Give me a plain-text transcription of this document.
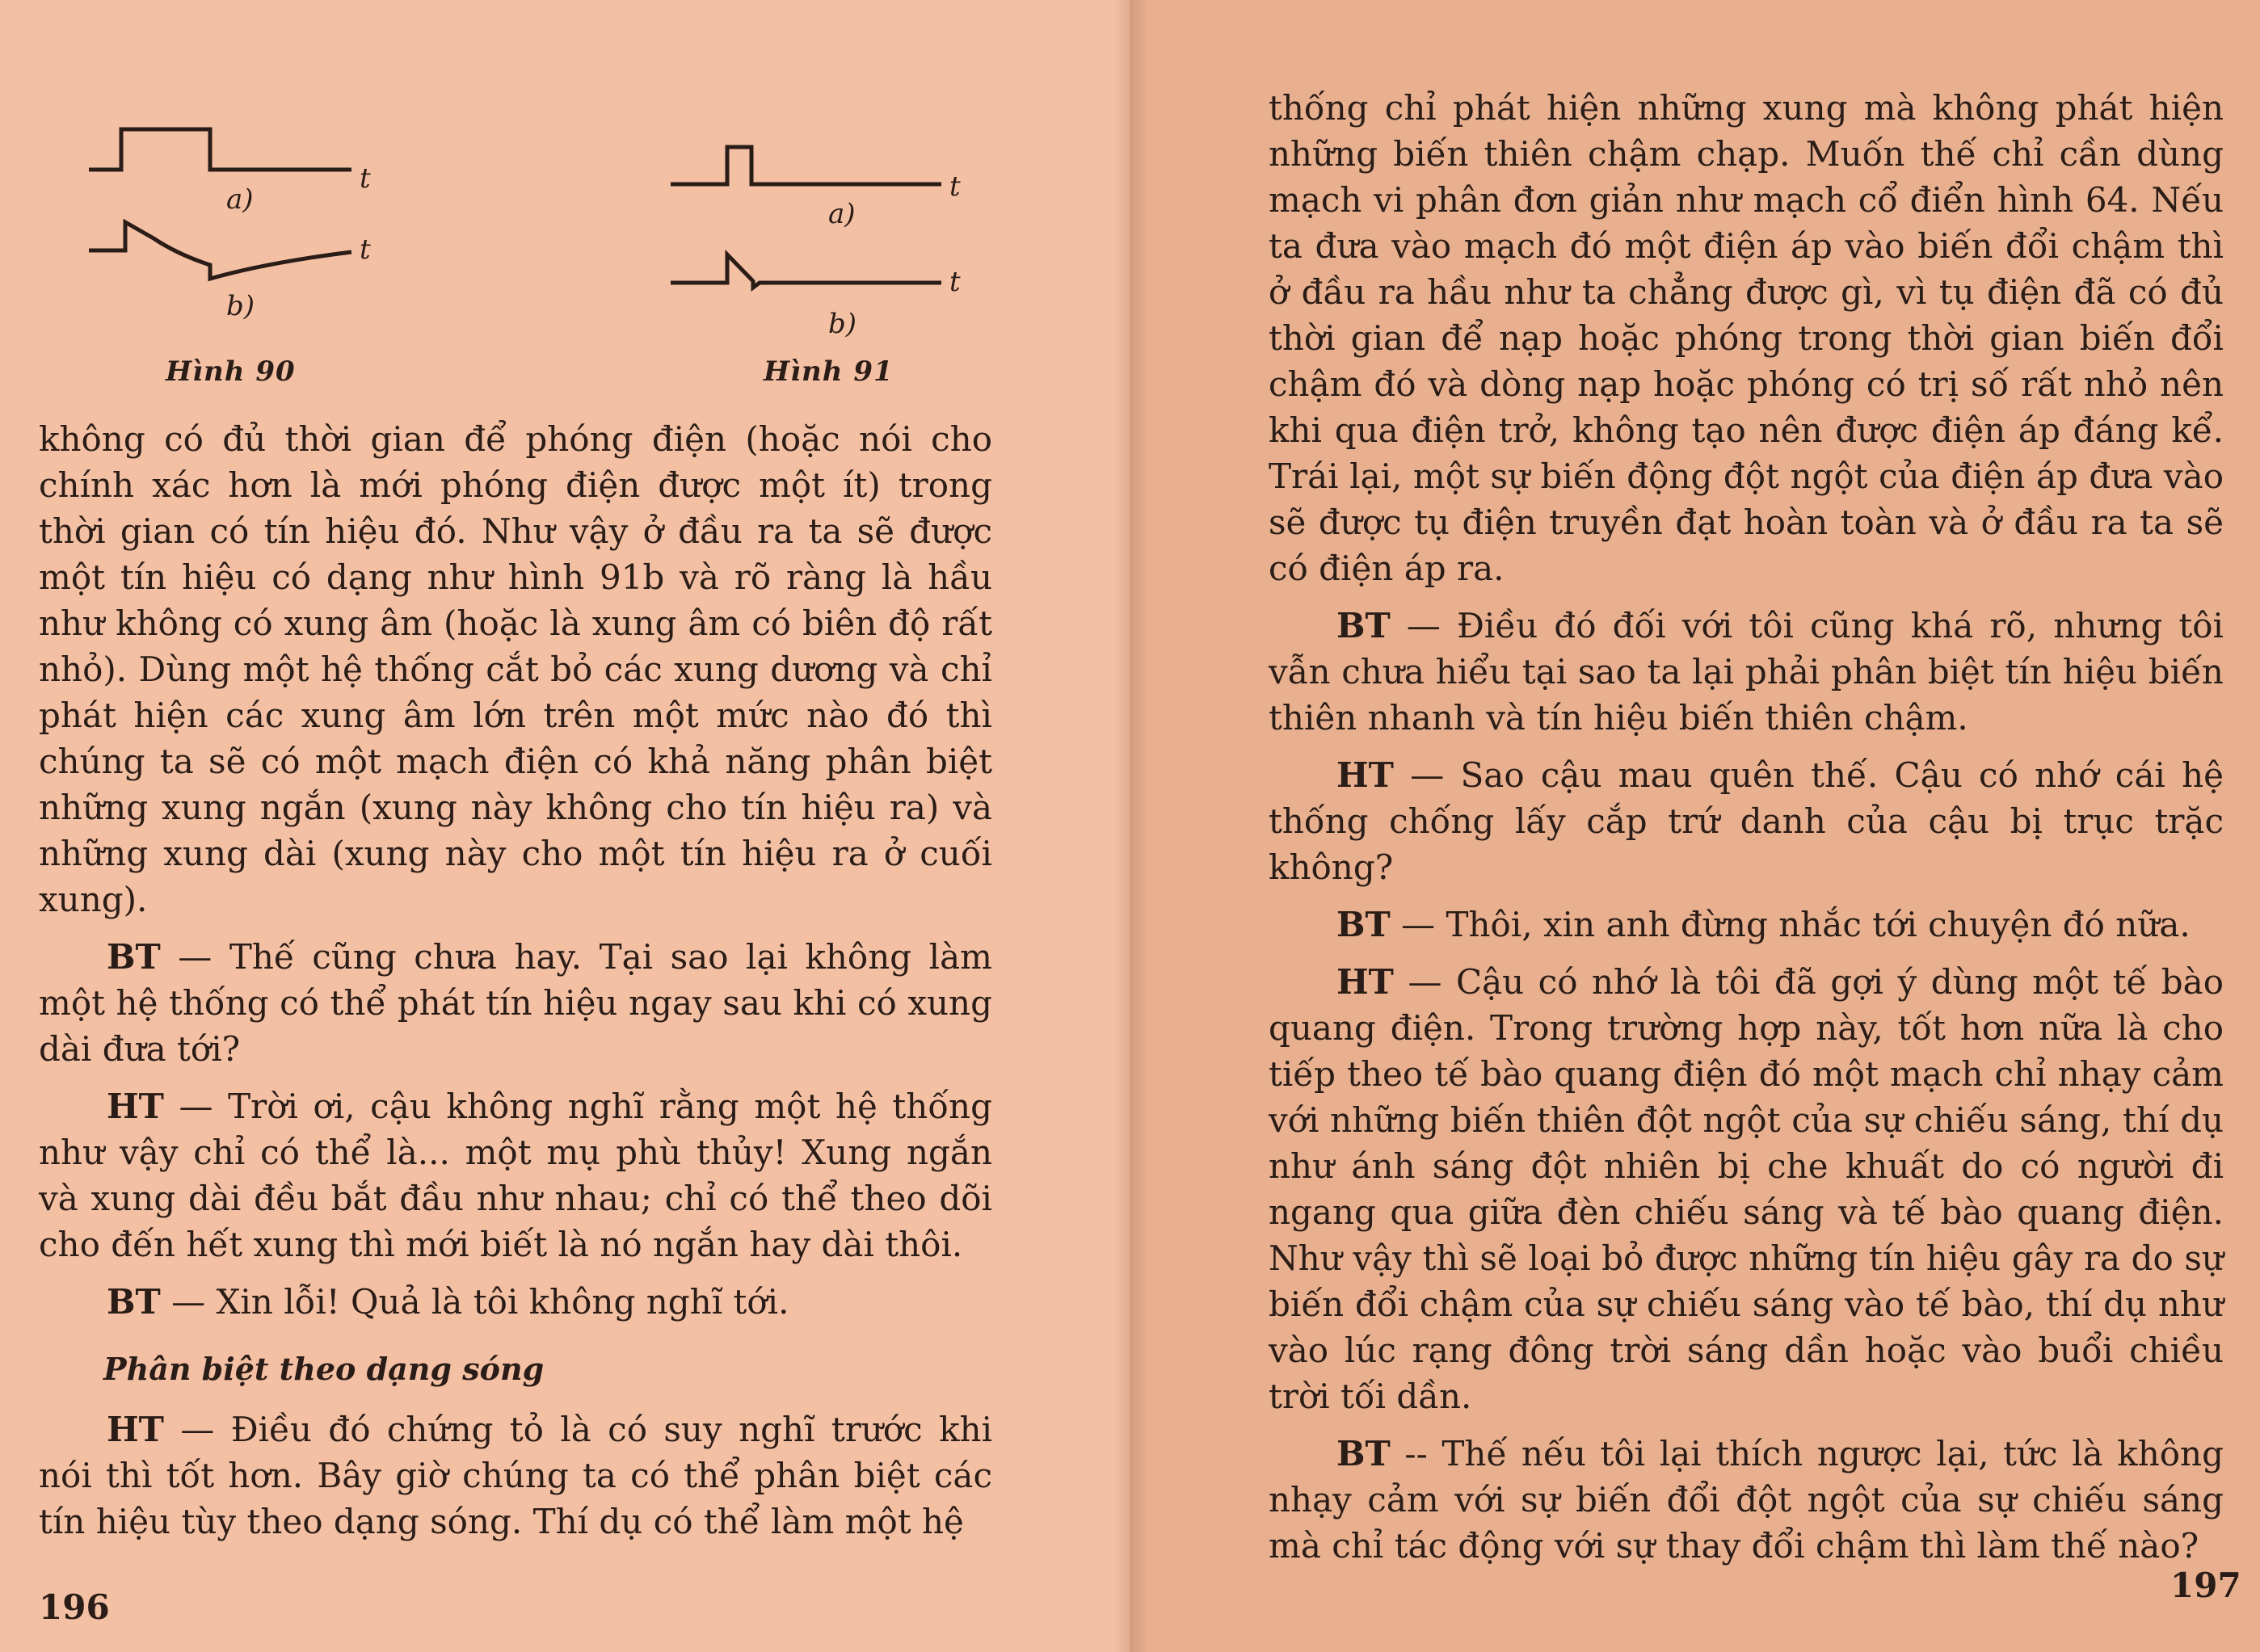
t
a)
t
b)
Hình 90
t
a)
t
b)
Hình 91

không có đủ thời gian để phóng điện (hoặc nói cho chính xác hơn là mới phóng điện được một ít) trong thời gian có tín hiệu đó. Như vậy ở đầu ra ta sẽ được một tín hiệu có dạng như hình 91b và rõ ràng là hầu như không có xung âm (hoặc là xung âm có biên độ rất nhỏ). Dùng một hệ thống cắt bỏ các xung dương và chỉ phát hiện các xung âm lớn trên một mức nào đó thì chúng ta sẽ có một mạch điện có khả năng phân biệt những xung ngắn (xung này không cho tín hiệu ra) và những xung dài (xung này cho một tín hiệu ra ở cuối xung).

BT — Thế cũng chưa hay. Tại sao lại không làm một hệ thống có thể phát tín hiệu ngay sau khi có xung dài đưa tới?

HT — Trời ơi, cậu không nghĩ rằng một hệ thống như vậy chỉ có thể là... một mụ phù thủy! Xung ngắn và xung dài đều bắt đầu như nhau; chỉ có thể theo dõi cho đến hết xung thì mới biết là nó ngắn hay dài thôi.

BT — Xin lỗi! Quả là tôi không nghĩ tới.

Phân biệt theo dạng sóng

HT — Điều đó chứng tỏ là có suy nghĩ trước khi nói thì tốt hơn. Bây giờ chúng ta có thể phân biệt các tín hiệu tùy theo dạng sóng. Thí dụ có thể làm một hệ

196

thống chỉ phát hiện những xung mà không phát hiện những biến thiên chậm chạp. Muốn thế chỉ cần dùng mạch vi phân đơn giản như mạch cổ điển hình 64. Nếu ta đưa vào mạch đó một điện áp vào biến đổi chậm thì ở đầu ra hầu như ta chẳng được gì, vì tụ điện đã có đủ thời gian để nạp hoặc phóng trong thời gian biến đổi chậm đó và dòng nạp hoặc phóng có trị số rất nhỏ nên khi qua điện trở, không tạo nên được điện áp đáng kể. Trái lại, một sự biến động đột ngột của điện áp đưa vào sẽ được tụ điện truyền đạt hoàn toàn và ở đầu ra ta sẽ có điện áp ra.

BT — Điều đó đối với tôi cũng khá rõ, nhưng tôi vẫn chưa hiểu tại sao ta lại phải phân biệt tín hiệu biến thiên nhanh và tín hiệu biến thiên chậm.

HT — Sao cậu mau quên thế. Cậu có nhớ cái hệ thống chống lấy cắp trứ danh của cậu bị trục trặc không?

BT — Thôi, xin anh đừng nhắc tới chuyện đó nữa.

HT — Cậu có nhớ là tôi đã gợi ý dùng một tế bào quang điện. Trong trường hợp này, tốt hơn nữa là cho tiếp theo tế bào quang điện đó một mạch chỉ nhạy cảm với những biến thiên đột ngột của sự chiếu sáng, thí dụ như ánh sáng đột nhiên bị che khuất do có người đi ngang qua giữa đèn chiếu sáng và tế bào quang điện. Như vậy thì sẽ loại bỏ được những tín hiệu gây ra do sự biến đổi chậm của sự chiếu sáng vào tế bào, thí dụ như vào lúc rạng đông trời sáng dần hoặc vào buổi chiều trời tối dần.

BT -- Thế nếu tôi lại thích ngược lại, tức là không nhạy cảm với sự biến đổi đột ngột của sự chiếu sáng mà chỉ tác động với sự thay đổi chậm thì làm thế nào?

197
